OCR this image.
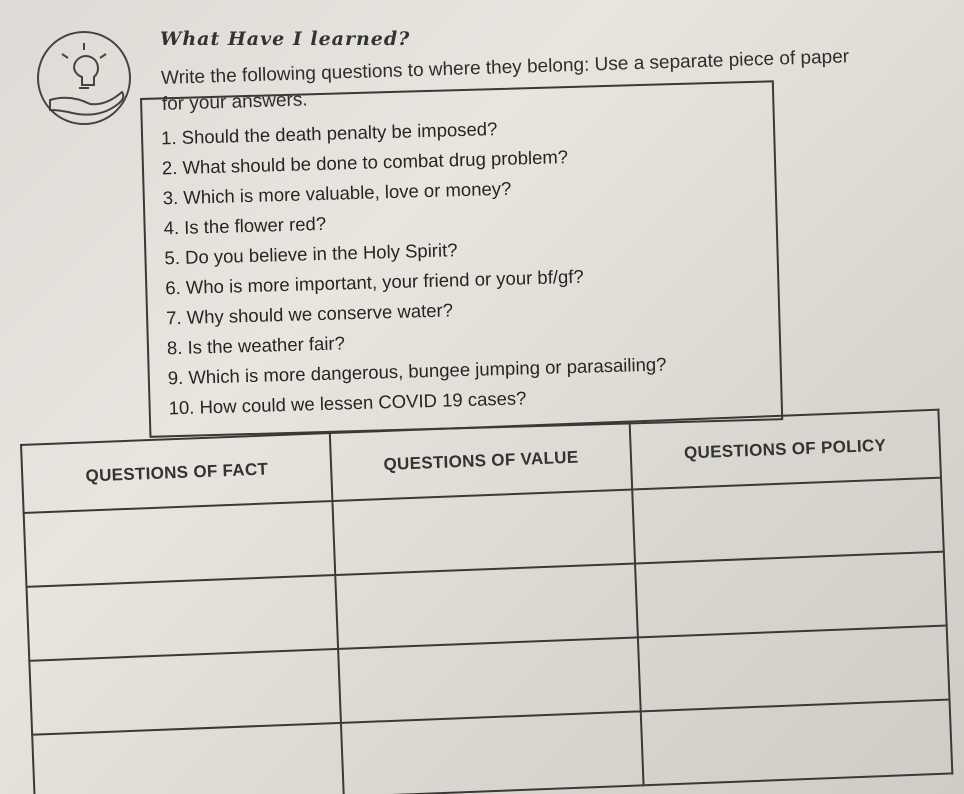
What Have I learned?
Write the following questions to where they belong: Use a separate piece of paper for your answers.
1. Should the death penalty be imposed?
2. What should be done to combat drug problem?
3. Which is more valuable, love or money?
4. Is the flower red?
5. Do you believe in the Holy Spirit?
6. Who is more important, your friend or your bf/gf?
7. Why should we conserve water?
8. Is the weather fair?
9. Which is more dangerous, bungee jumping or parasailing?
10. How could we lessen COVID 19 cases?
QUESTIONS OF FACT	QUESTIONS OF VALUE	QUESTIONS OF POLICY
